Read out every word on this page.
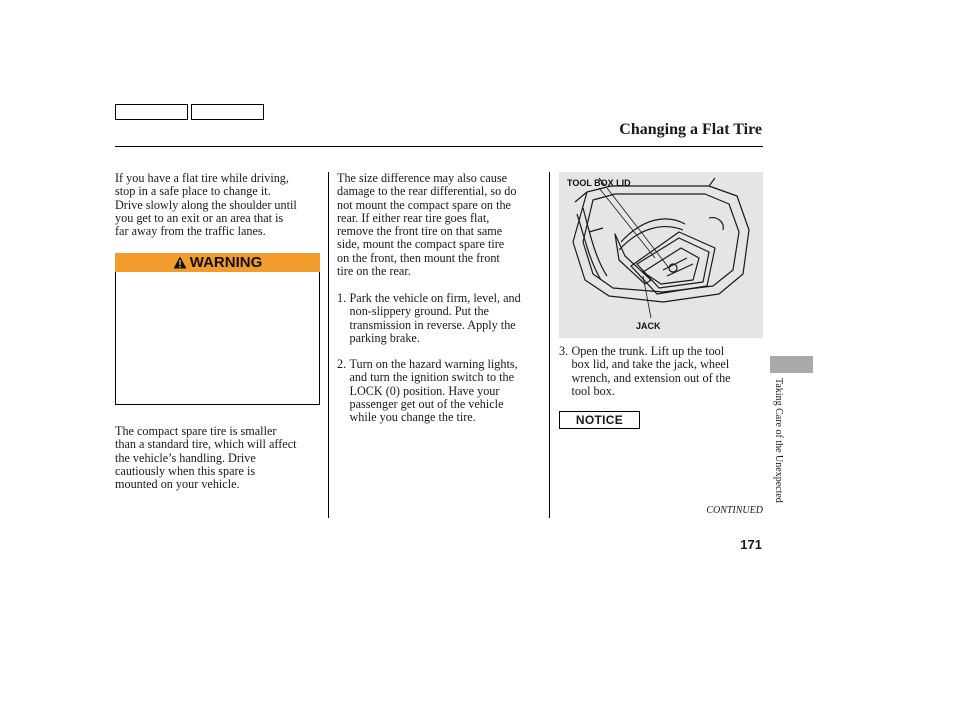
Changing a Flat Tire
If you have a flat tire while driving,
stop in a safe place to change it.
Drive slowly along the shoulder until
you get to an exit or an area that is
far away from the traffic lanes.
WARNING
The compact spare tire is smaller
than a standard tire, which will affect
the vehicle’s handling. Drive
cautiously when this spare is
mounted on your vehicle.
The size difference may also cause
damage to the rear differential, so do
not mount the compact spare on the
rear. If either rear tire goes flat,
remove the front tire on that same
side, mount the compact spare tire
on the front, then mount the front
tire on the rear.
1. Park the vehicle on firm, level, and
non-slippery ground. Put the
transmission in reverse. Apply the
parking brake.
2. Turn on the hazard warning lights,
and turn the ignition switch to the
LOCK (0) position. Have your
passenger get out of the vehicle
while you change the tire.
TOOL BOX LID
JACK
3. Open the trunk. Lift up the tool
box lid, and take the jack, wheel
wrench, and extension out of the
tool box.
NOTICE
CONTINUED
171
Taking Care of the Unexpected
